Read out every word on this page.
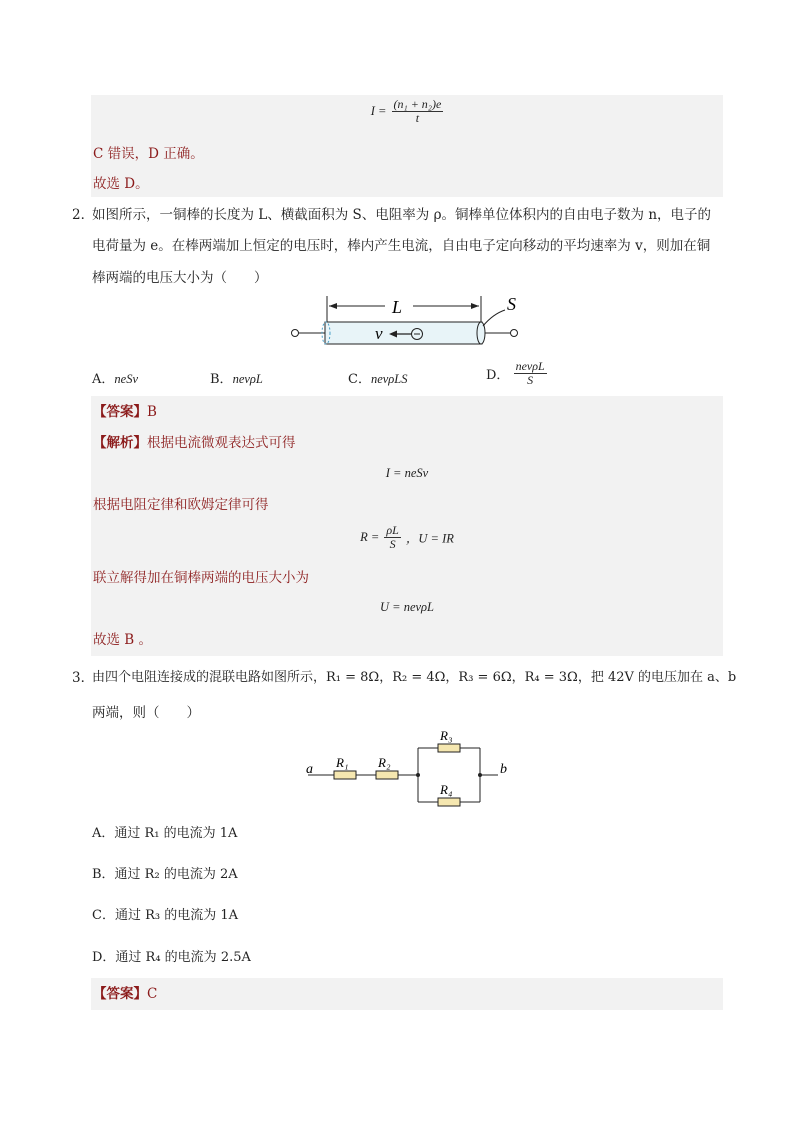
$I = \frac{\text{(n₁ + n₂)e}}{t}$
C 错误，D 正确。
故选 D。
2．
如图所示，一铜棒的长度为 L、横截面积为 S、电阻率为 ρ。铜棒单位体积内的自由电子数为 n，电子的
电荷量为 e。在棒两端加上恒定的电压时，棒内产生电流，自由电子定向移动的平均速率为 v，则加在铜
棒两端的电压大小为（　　）
L	S
v
A．neSv	B．nevρL	C．nevρLS	D． $\frac{\text{nevρL}}{S}$
【答案】B
【解析】根据电流微观表达式可得
I = neSv
根据电阻定律和欧姆定律可得
$R = \frac{\rho L}{S}$ ，U = IR
联立解得加在铜棒两端的电压大小为
U = nevρL
故选 B 。
3．
由四个电阻连接成的混联电路如图所示，R₁ = 8Ω，R₂ = 4Ω，R₃ = 6Ω，R₄ = 3Ω，把 42V 的电压加在 a、b
两端，则（　　）
a	b
R₁ R₂
R₃
R₄
A．通过 R₁ 的电流为 1A
B．通过 R₂ 的电流为 2A
C．通过 R₃ 的电流为 1A
D．通过 R₄ 的电流为 2.5A
【答案】C
